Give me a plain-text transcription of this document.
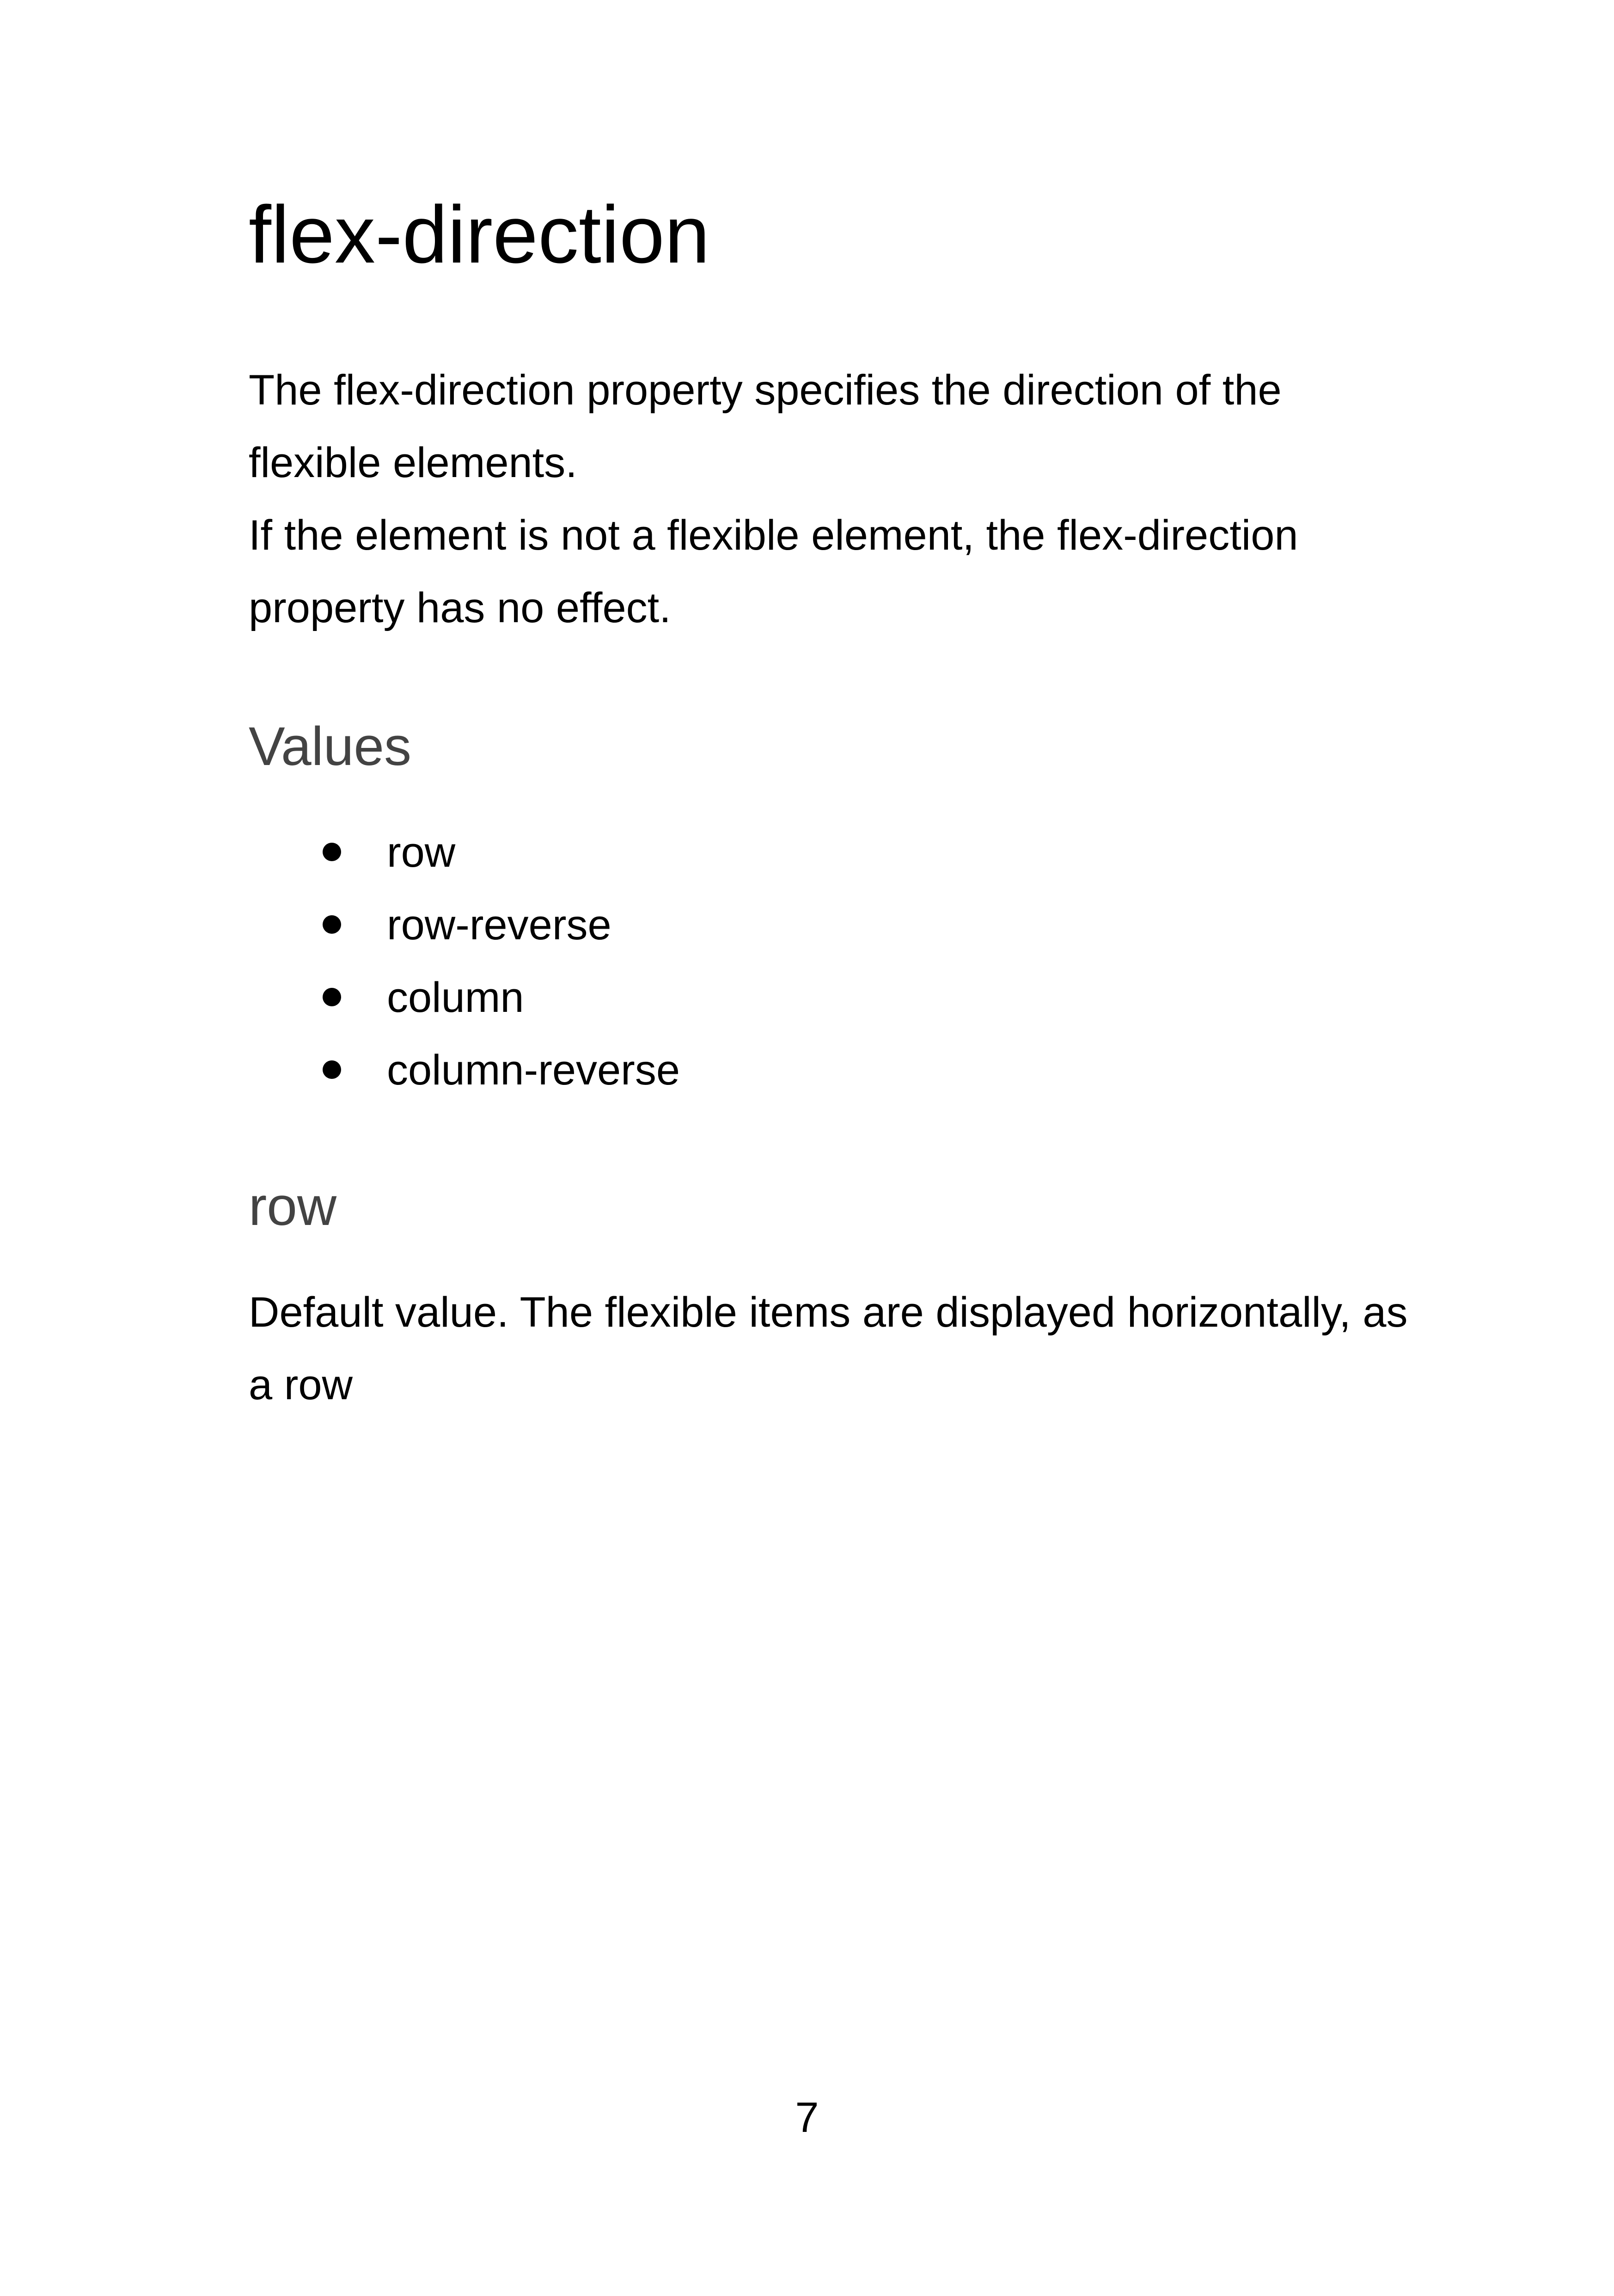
flex-direction
The flex-direction property specifies the direction of the
flexible elements.
If the element is not a flexible element, the flex-direction
property has no effect.
Values
row
row-reverse
column
column-reverse
row
Default value. The flexible items are displayed horizontally, as
a row

7
